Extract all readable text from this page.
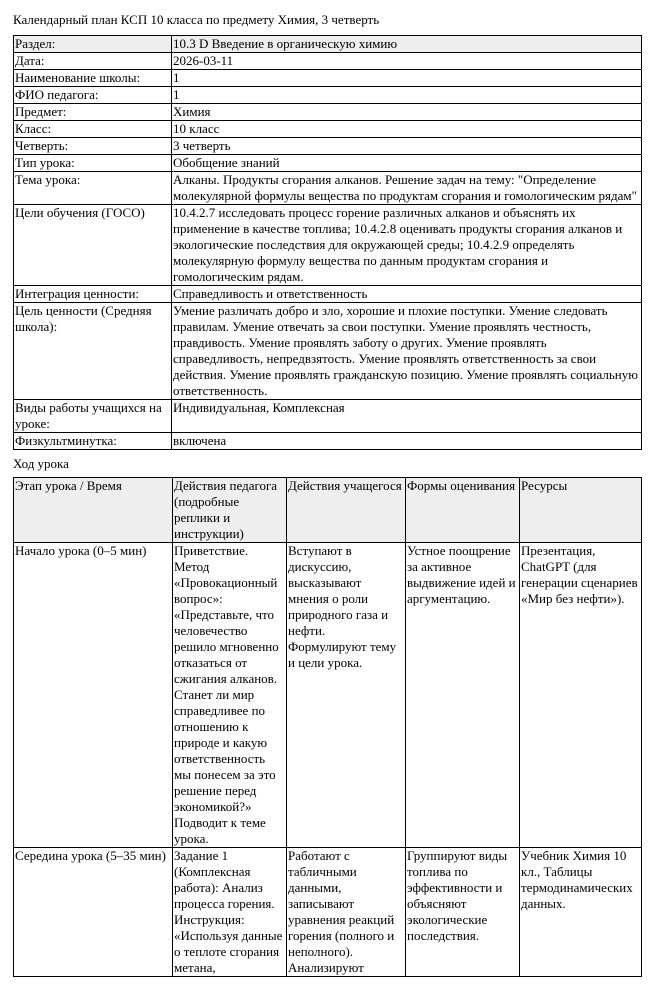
Календарный план КСП 10 класса по предмету Химия, 3 четверть
Раздел:	10.3 D Введение в органическую химию
Дата:	2026-03-11
Наименование школы:	1
ФИО педагога:	1
Предмет:	Химия
Класс:	10 класс
Четверть:	3 четверть
Тип урока:	Обобщение знаний
Тема урока:	Алканы. Продукты сгорания алканов. Решение задач на тему: "Определение молекулярной формулы вещества по продуктам сгорания и гомологическим рядам"
Цели обучения (ГОСО)	10.4.2.7 исследовать процесс горение различных алканов и объяснять их применение в качестве топлива; 10.4.2.8 оценивать продукты сгорания алканов и экологические последствия для окружающей среды; 10.4.2.9 определять молекулярную формулу вещества по данным продуктам сгорания и гомологическим рядам.
Интеграция ценности:	Справедливость и ответственность
Цель ценности (Средняя школа):	Умение различать добро и зло, хорошие и плохие поступки. Умение следовать правилам. Умение отвечать за свои поступки. Умение проявлять честность, правдивость. Умение проявлять заботу о других. Умение проявлять справедливость, непредвзятость. Умение проявлять ответственность за свои действия. Умение проявлять гражданскую позицию. Умение проявлять социальную ответственность.
Виды работы учащихся на уроке:	Индивидуальная, Комплексная
Физкультминутка:	включена
Ход урока
Этап урока / Время	Действия педагога (подробные реплики и инструкции)	Действия учащегося	Формы оценивания	Ресурсы
Начало урока (0–5 мин)	Приветствие. Метод «Провокационный вопрос»: «Представьте, что человечество решило мгновенно отказаться от сжигания алканов. Станет ли мир справедливее по отношению к природе и какую ответственность мы понесем за это решение перед экономикой?» Подводит к теме урока.	Вступают в дискуссию, высказывают мнения о роли природного газа и нефти. Формулируют тему и цели урока.	Устное поощрение за активное выдвижение идей и аргументацию.	Презентация, ChatGPT (для генерации сценариев «Мир без нефти»).
Середина урока (5–35 мин)	Задание 1 (Комплексная работа): Анализ процесса горения. Инструкция: «Используя данные о теплоте сгорания метана,	Работают с табличными данными, записывают уравнения реакций горения (полного и неполного). Анализируют	Группируют виды топлива по эффективности и объясняют экологические последствия.	Учебник Химия 10 кл., Таблицы термодинамических данных.
